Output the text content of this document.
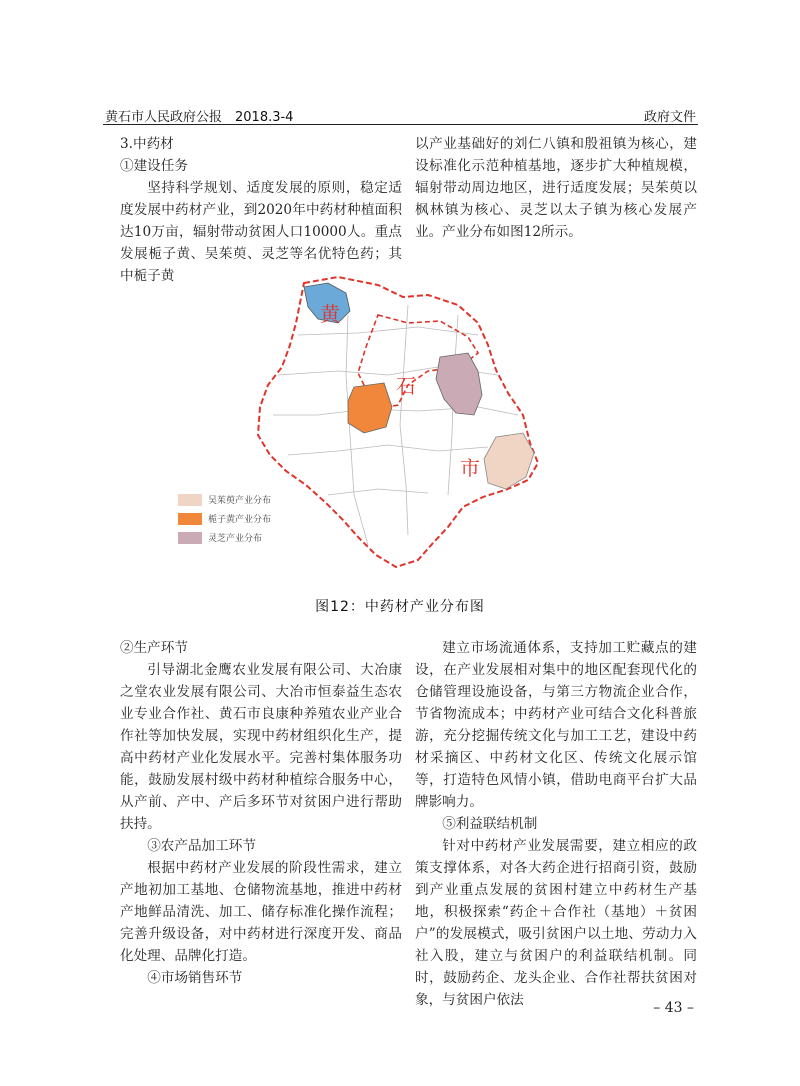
黄石市人民政府公报　2018.3-4	政府文件

3.中药材

①建设任务

坚持科学规划、适度发展的原则，稳定适度发展中药材产业，到2020年中药材种植面积达10万亩，辐射带动贫困人口10000人。重点发展栀子黄、吴茱萸、灵芝等名优特色药；其中栀子黄

以产业基础好的刘仁八镇和殷祖镇为核心，建设标准化示范种植基地，逐步扩大种植规模，辐射带动周边地区，进行适度发展；吴茱萸以枫林镇为核心、灵芝以太子镇为核心发展产业。产业分布如图12所示。

黄
石
市
吴茱萸产业分布
栀子黄产业分布
灵芝产业分布
图12：中药材产业分布图

②生产环节

引导湖北金鹰农业发展有限公司、大冶康之堂农业发展有限公司、大冶市恒泰益生态农业专业合作社、黄石市良康种养殖农业产业合作社等加快发展，实现中药材组织化生产，提高中药材产业化发展水平。完善村集体服务功能，鼓励发展村级中药材种植综合服务中心，从产前、产中、产后多环节对贫困户进行帮助扶持。

③农产品加工环节

根据中药材产业发展的阶段性需求，建立产地初加工基地、仓储物流基地，推进中药材产地鲜品清洗、加工、储存标准化操作流程；完善升级设备，对中药材进行深度开发、商品化处理、品牌化打造。

④市场销售环节

建立市场流通体系，支持加工贮藏点的建设，在产业发展相对集中的地区配套现代化的仓储管理设施设备，与第三方物流企业合作，节省物流成本；中药材产业可结合文化科普旅游，充分挖掘传统文化与加工工艺，建设中药材采摘区、中药材文化区、传统文化展示馆等，打造特色风情小镇，借助电商平台扩大品牌影响力。

⑤利益联结机制

针对中药材产业发展需要，建立相应的政策支撑体系，对各大药企进行招商引资，鼓励到产业重点发展的贫困村建立中药材生产基地，积极探索“药企＋合作社（基地）＋贫困户”的发展模式，吸引贫困户以土地、劳动力入社入股，建立与贫困户的利益联结机制。同时，鼓励药企、龙头企业、合作社帮扶贫困对象，与贫困户依法	– 43 –
